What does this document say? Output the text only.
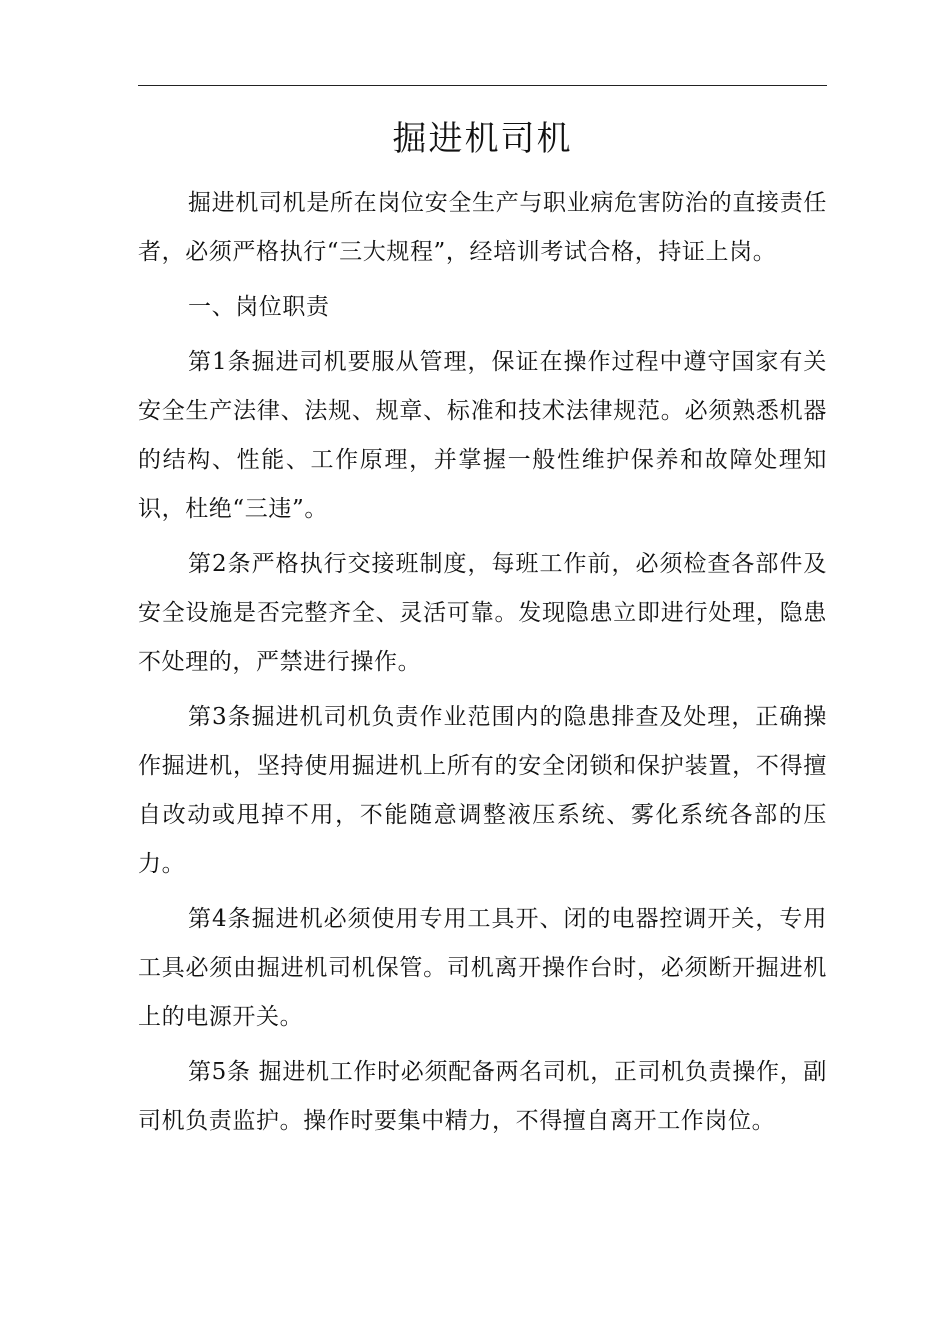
掘进机司机

掘进机司机是所在岗位安全生产与职业病危害防治的直接责任者，必须严格执行“三大规程”，经培训考试合格，持证上岗。

一、岗位职责

第1条掘进司机要服从管理，保证在操作过程中遵守国家有关安全生产法律、法规、规章、标准和技术法律规范。必须熟悉机器的结构、性能、工作原理，并掌握一般性维护保养和故障处理知识，杜绝“三违”。

第2条严格执行交接班制度，每班工作前，必须检查各部件及安全设施是否完整齐全、灵活可靠。发现隐患立即进行处理，隐患不处理的，严禁进行操作。

第3条掘进机司机负责作业范围内的隐患排查及处理，正确操作掘进机，坚持使用掘进机上所有的安全闭锁和保护装置，不得擅自改动或甩掉不用，不能随意调整液压系统、雾化系统各部的压力。

第4条掘进机必须使用专用工具开、闭的电器控调开关，专用工具必须由掘进机司机保管。司机离开操作台时，必须断开掘进机上的电源开关。

第5条 掘进机工作时必须配备两名司机，正司机负责操作，副司机负责监护。操作时要集中精力，不得擅自离开工作岗位。
